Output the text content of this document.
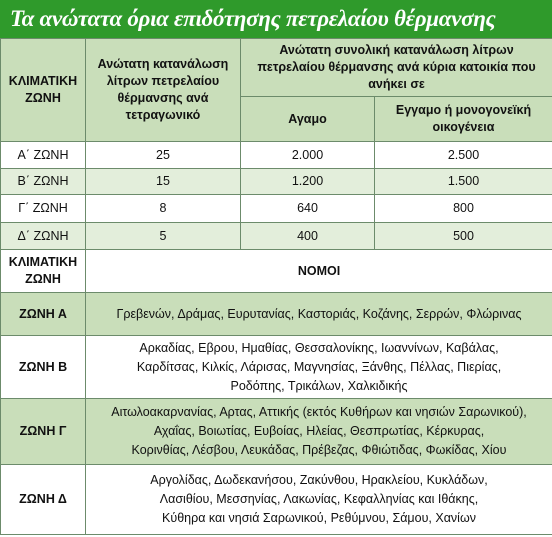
Τα ανώτατα όρια επιδότησης πετρελαίου θέρμανσης
ΚΛΙΜΑΤΙΚΗ ΖΩΝΗ	Ανώτατη κατανάλωση λίτρων πετρελαίου θέρμανσης ανά τετραγωνικό	Ανώτατη συνολική κατανάλωση λίτρων πετρελαίου θέρμανσης ανά κύρια κατοικία που ανήκει σε	
		Αγαμο	Εγγαμο ή μονογονεϊκή οικογένεια
Α΄ ΖΩΝΗ	25	2.000	2.500
Β΄ ΖΩΝΗ	15	1.200	1.500
Γ΄ ΖΩΝΗ	8	640	800
Δ΄ ΖΩΝΗ	5	400	500
ΚΛΙΜΑΤΙΚΗ ΖΩΝΗ	ΝΟΜΟΙ		
ΖΩΝΗ Α	Γρεβενών, Δράμας, Ευρυτανίας, Καστοριάς, Κοζάνης, Σερρών, Φλώρινας		

ΖΩΝΗ Β	Αρκαδίας, Εβρου, Ημαθίας, Θεσσαλονίκης, Ιωαννίνων, Καβάλας,
Καρδίτσας, Κιλκίς, Λάρισας, Μαγνησίας, Ξάνθης, Πέλλας, Πιερίας,
Ροδόπης, Τρικάλων, Χαλκιδικής		

ΖΩΝΗ Γ	Αιτωλοακαρνανίας, Αρτας, Αττικής (εκτός Κυθήρων και νησιών Σαρωνικού),
Αχαΐας, Βοιωτίας, Ευβοίας, Ηλείας, Θεσπρωτίας, Κέρκυρας,
Κορινθίας, Λέσβου, Λευκάδας, Πρέβεζας, Φθιώτιδας, Φωκίδας, Χίου		

ΖΩΝΗ Δ	Αργολίδας, Δωδεκανήσου, Ζακύνθου, Ηρακλείου, Κυκλάδων,
Λασιθίου, Μεσσηνίας, Λακωνίας, Κεφαλληνίας και Ιθάκης,
Κύθηρα και νησιά Σαρωνικού, Ρεθύμνου, Σάμου, Χανίων		
